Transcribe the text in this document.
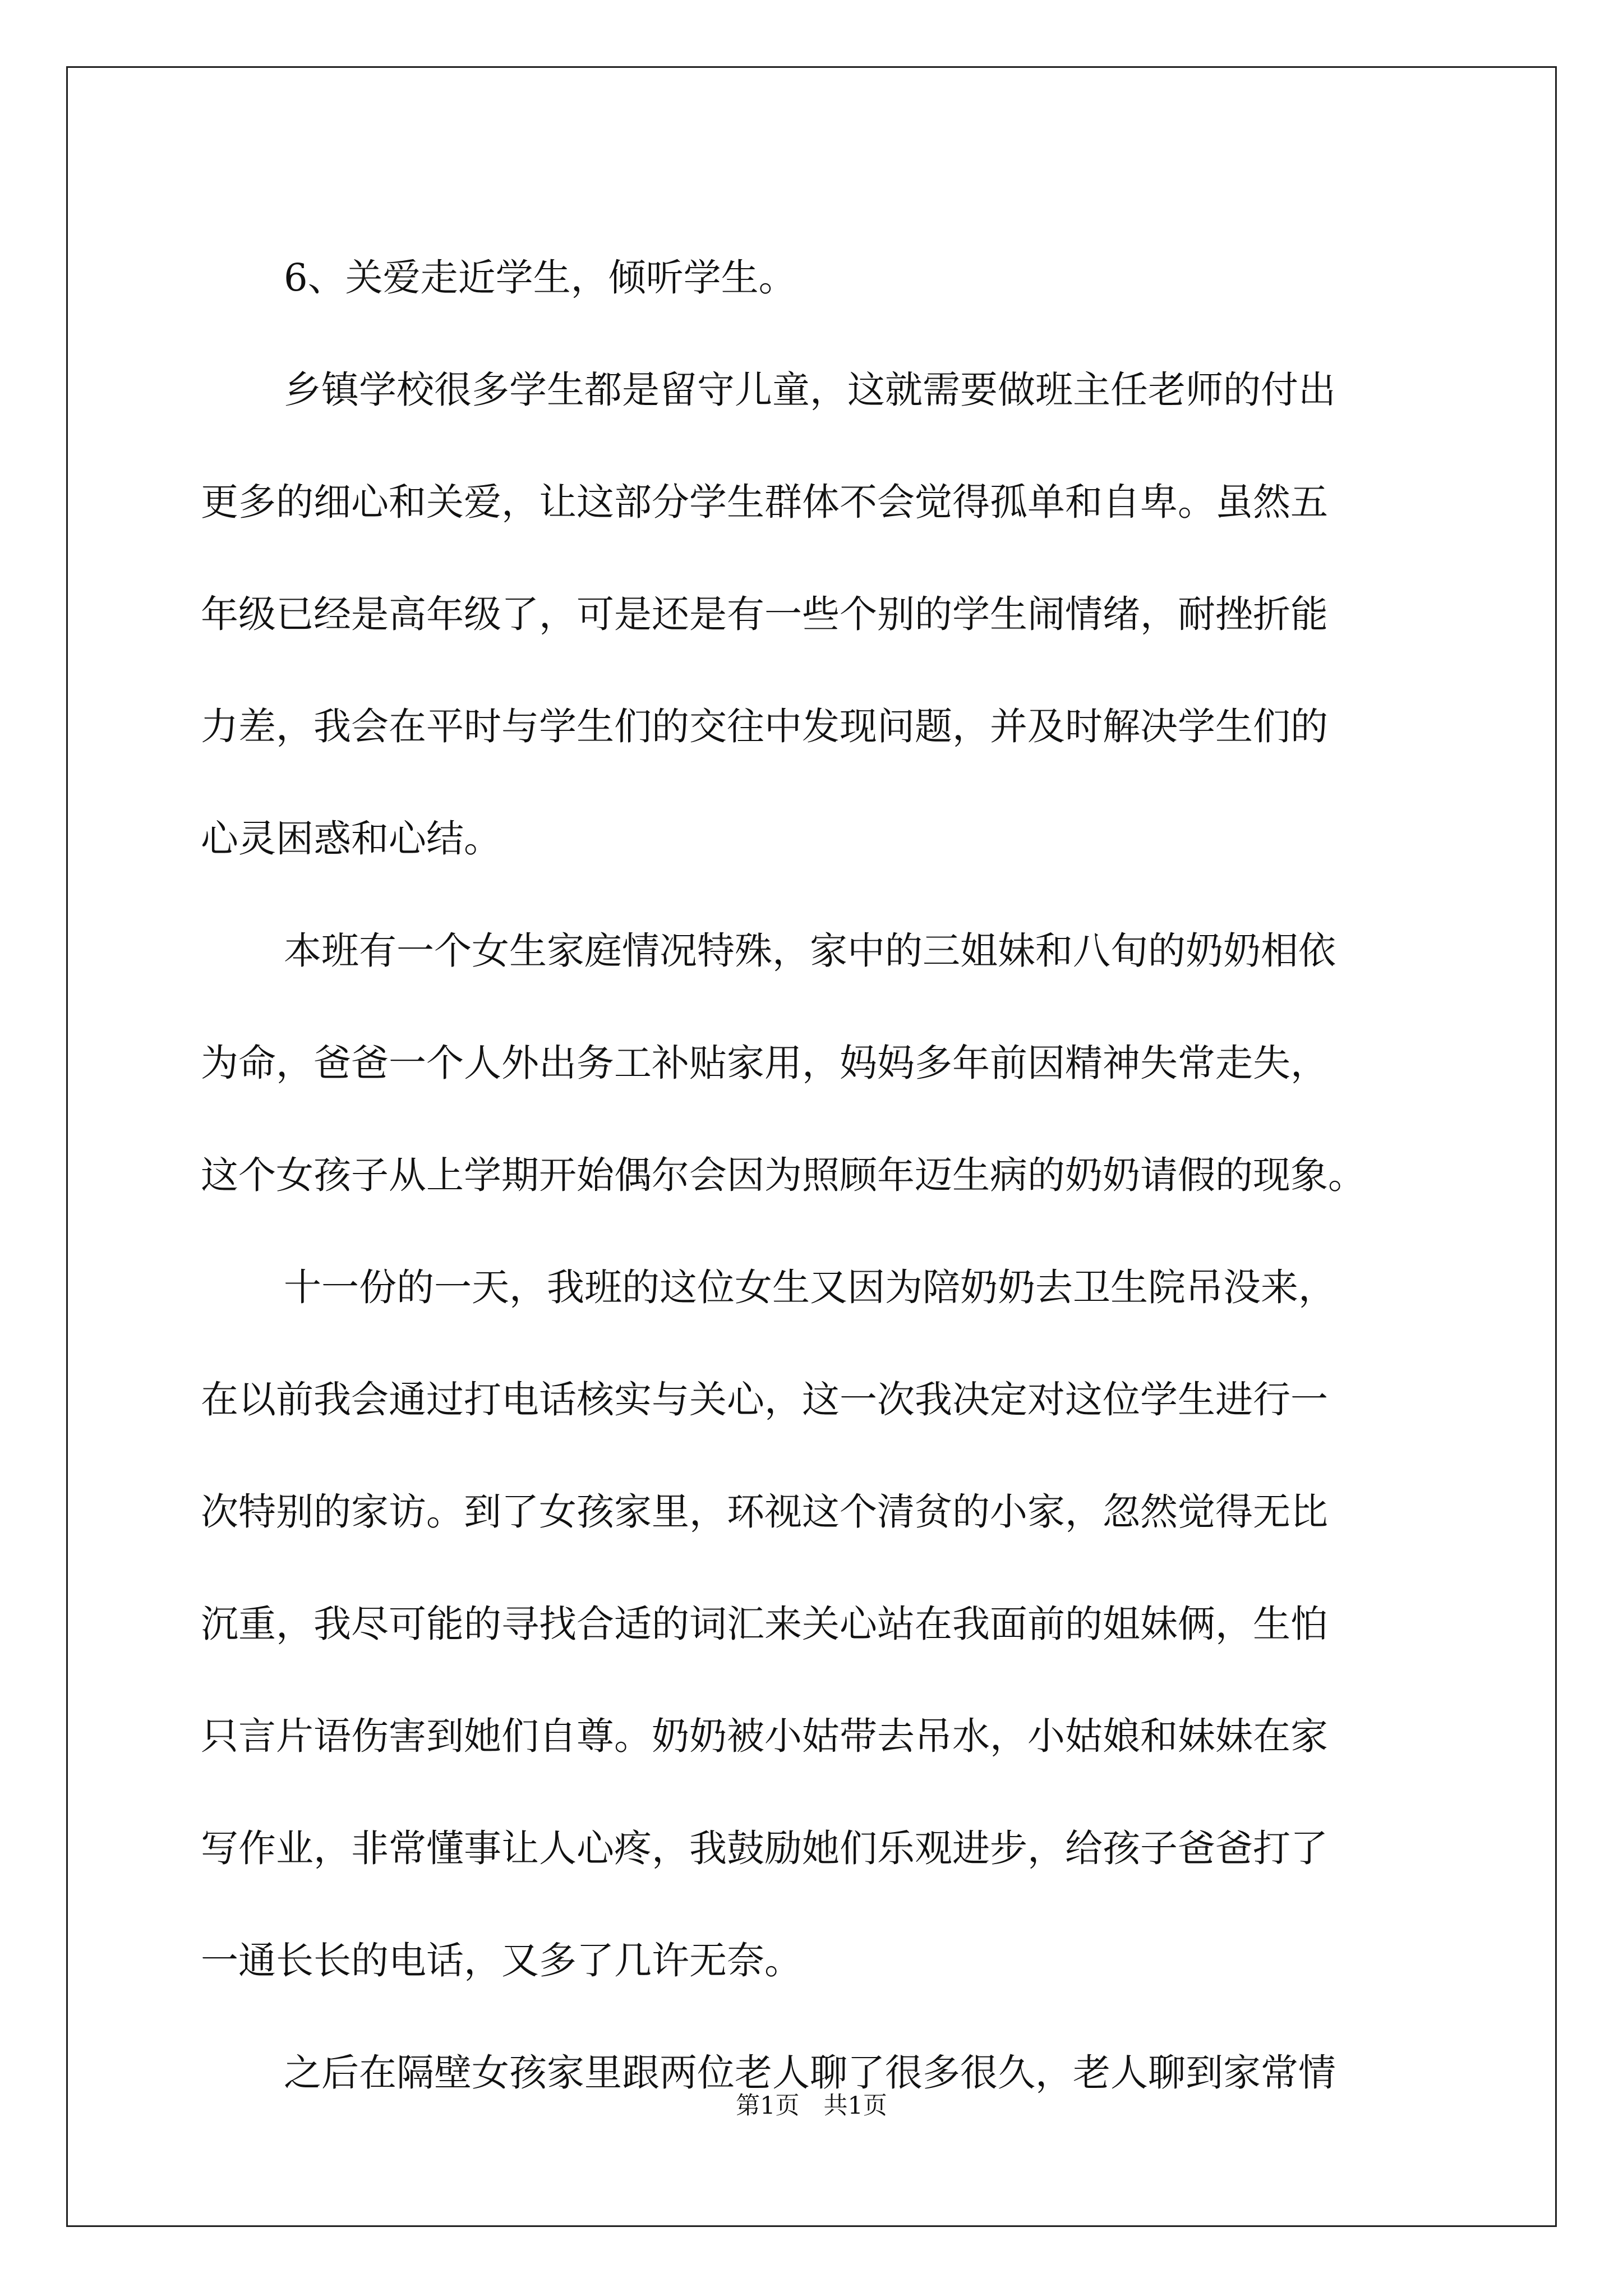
6、关爱走近学生，倾听学生。
乡镇学校很多学生都是留守儿童，这就需要做班主任老师的付出
更多的细心和关爱，让这部分学生群体不会觉得孤单和自卑。虽然五
年级已经是高年级了，可是还是有一些个别的学生闹情绪，耐挫折能
力差，我会在平时与学生们的交往中发现问题，并及时解决学生们的
心灵困惑和心结。
本班有一个女生家庭情况特殊，家中的三姐妹和八旬的奶奶相依
为命，爸爸一个人外出务工补贴家用，妈妈多年前因精神失常走失，
这个女孩子从上学期开始偶尔会因为照顾年迈生病的奶奶请假的现象。
十一份的一天，我班的这位女生又因为陪奶奶去卫生院吊没来，
在以前我会通过打电话核实与关心，这一次我决定对这位学生进行一
次特别的家访。到了女孩家里，环视这个清贫的小家，忽然觉得无比
沉重，我尽可能的寻找合适的词汇来关心站在我面前的姐妹俩，生怕
只言片语伤害到她们自尊。奶奶被小姑带去吊水，小姑娘和妹妹在家
写作业，非常懂事让人心疼，我鼓励她们乐观进步，给孩子爸爸打了
一通长长的电话，又多了几许无奈。
之后在隔壁女孩家里跟两位老人聊了很多很久，老人聊到家常情
第1页　共1页
